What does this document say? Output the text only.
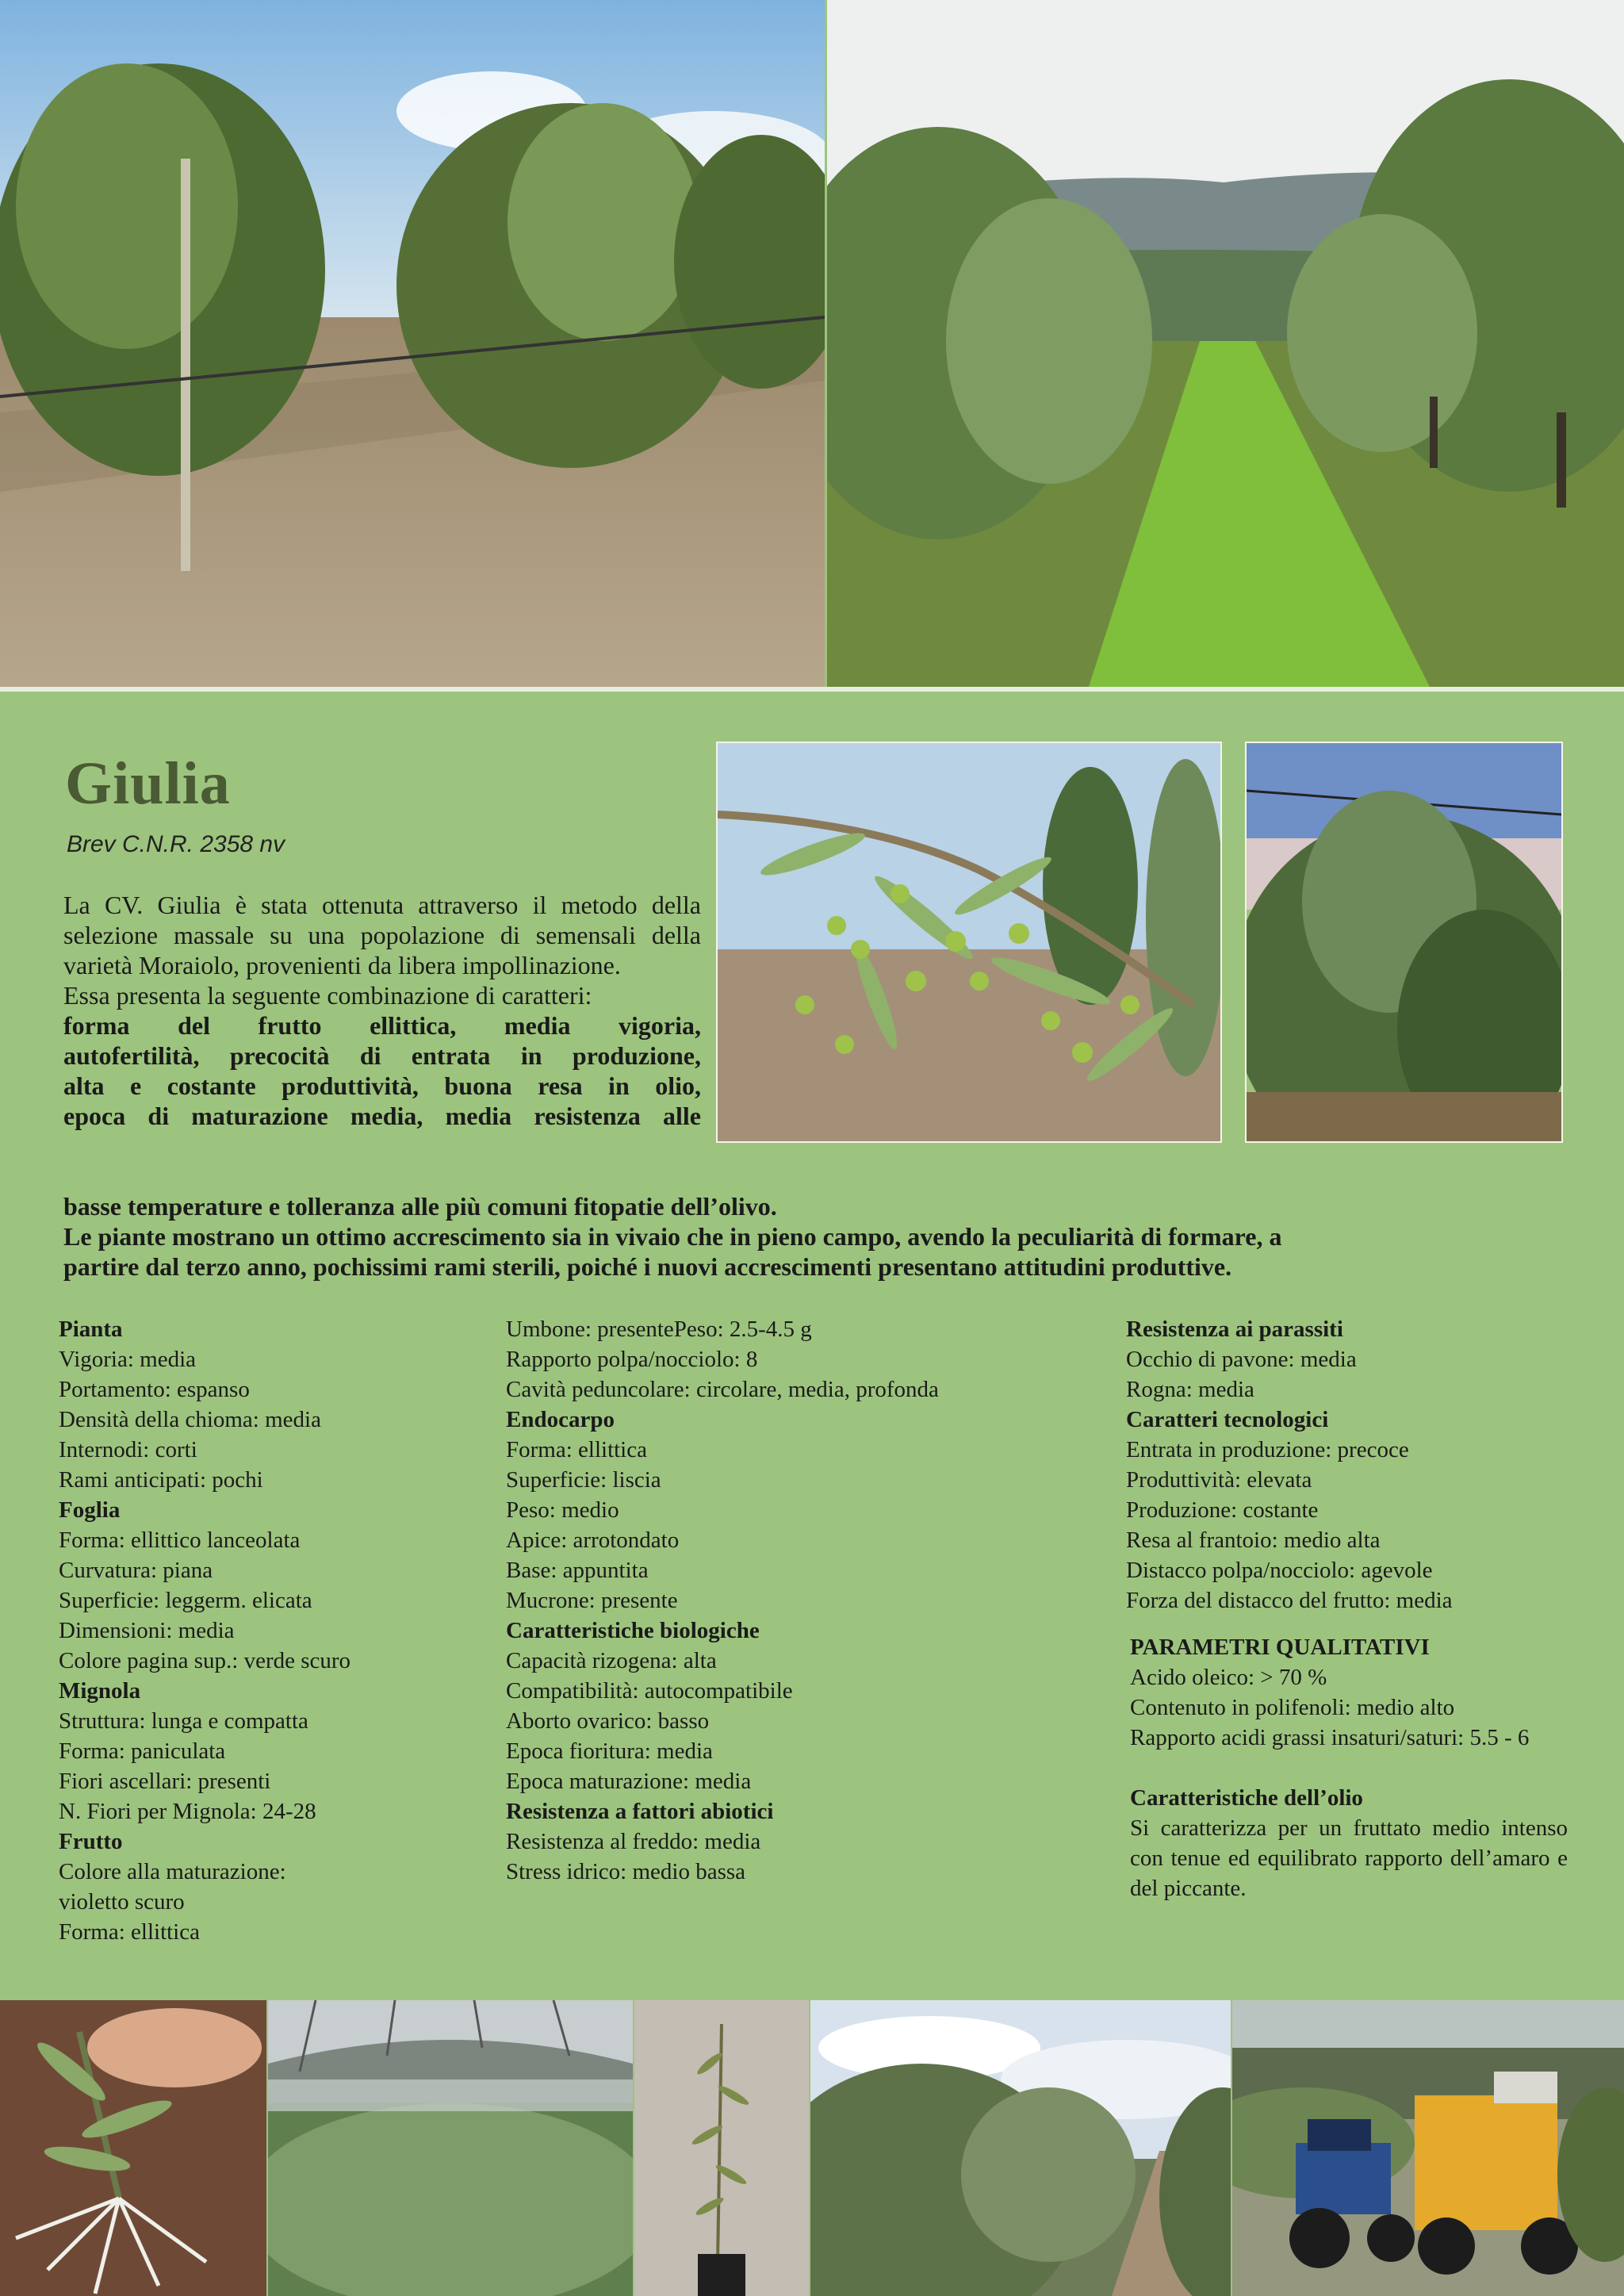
Giulia
Brev C.N.R. 2358 nv

La CV. Giulia è stata ottenuta attraverso il metodo della selezione massale su una popolazione di semensali della varietà Moraiolo, provenienti da libera impollinazione.

Essa presenta la seguente combinazione di caratteri:

forma del frutto ellittica, media vigoria,

autofertilità, precocità di entrata in produzione,

alta e costante produttività, buona resa in olio,

epoca di maturazione media, media resistenza alle

basse temperature e tolleranza alle più comuni fitopatie dell’olivo.

Le piante mostrano un ottimo accrescimento sia in vivaio che in pieno campo, avendo la peculiarità di formare, a

partire dal terzo anno, pochissimi rami sterili, poiché i nuovi accrescimenti presentano attitudini produttive.

Pianta
Vigoria: media
Portamento: espanso
Densità della chioma: media
Internodi: corti
Rami anticipati: pochi
Foglia
Forma: ellittico lanceolata
Curvatura: piana
Superficie: leggerm. elicata
Dimensioni: media
Colore pagina sup.: verde scuro
Mignola
Struttura: lunga e compatta
Forma: paniculata
Fiori ascellari: presenti
N. Fiori per Mignola: 24-28
Frutto
Colore alla maturazione:
violetto scuro
Forma: ellittica
Umbone: presentePeso: 2.5-4.5 g
Rapporto polpa/nocciolo: 8
Cavità peduncolare: circolare, media, profonda
Endocarpo
Forma: ellittica
Superficie: liscia
Peso: medio
Apice: arrotondato
Base: appuntita
Mucrone: presente
Caratteristiche biologiche
Capacità rizogena: alta
Compatibilità: autocompatibile
Aborto ovarico: basso
Epoca fioritura: media
Epoca maturazione: media
Resistenza a fattori abiotici
Resistenza al freddo: media
Stress idrico: medio bassa
Resistenza ai parassiti
Occhio di pavone: media
Rogna: media
Caratteri tecnologici
Entrata in produzione: precoce
Produttività: elevata
Produzione: costante
Resa al frantoio: medio alta
Distacco polpa/nocciolo: agevole
Forza del distacco del frutto: media
PARAMETRI QUALITATIVI
Acido oleico: > 70 %
Contenuto in polifenoli: medio alto
Rapporto acidi grassi insaturi/saturi: 5.5 - 6
Caratteristiche dell’olio
Si caratterizza per un fruttato medio intenso con tenue ed equilibrato rapporto dell’amaro e del piccante.
